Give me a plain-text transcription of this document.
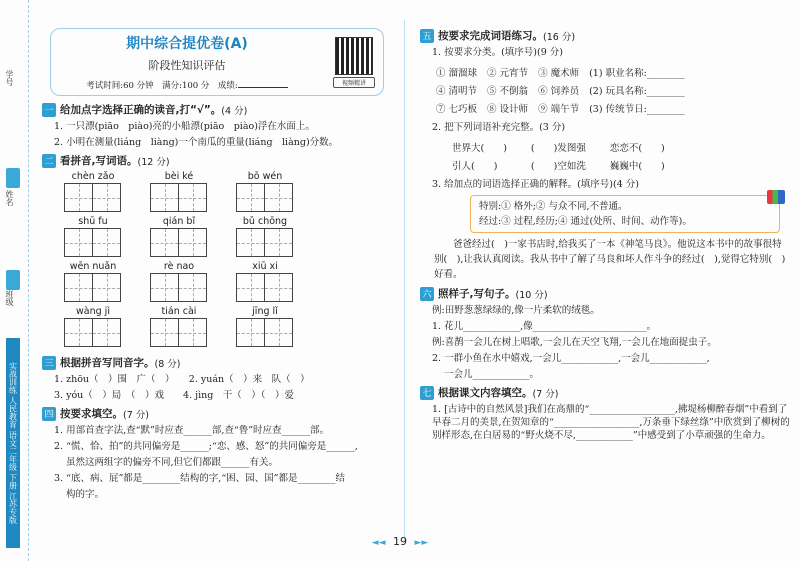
学号
姓名
班级
实战训练 人民教育 语文二年级 下册 江苏专版
期中综合提优卷(A)
阶段性知识评估
考试时间:60 分钟　满分:100 分　成绩:	视频精讲
一 给加点字选择正确的读音,打“√”。 (4 分)
1. 一只漂(piāo　piào)亮的小船漂(piāo　piào)浮在水面上。
2. 小明在测量(liáng　liàng)一个南瓜的重量(liáng　liàng)分数。
二 看拼音,写词语。 (12 分)
chèn zǎo	bèi ké	bō wén
shū fu	qián bǐ	bǔ chōng
wēn nuǎn	rè nao	xiū xi
wàng jì	tián cài	jīng lǐ
三 根据拼音写同音字。 (8 分)
1. zhōu（　）围　广（　）　　2. yuán（　）来　队（　）
3. yóu（　）局　（　）戏　　4. jìng　干（　）（　）爱
四 按要求填空。 (7 分)
1. 用部首查字法,查“默”时应查______部,查“鲁”时应查______部。
2. “慌、恰、拍”的共同偏旁是______;“恋、感、怒”的共同偏旁是______,
虽然这两组字的偏旁不同,但它们都跟______有关。
3. “底、病、屁”都是________结构的字,“困、园、国”都是________结
构的字。
五 按要求完成词语练习。 (16 分)
1. 按要求分类。(填序号)(9 分)
① 溜溜球	② 元宵节	③ 魔术师	(1) 职业名称:________
④ 清明节	⑤ 不倒翁	⑥ 饲养员	(2) 玩具名称:________
⑦ 七巧板	⑧ 设计师	⑨ 端午节	(3) 传统节日:________
2. 把下列词语补充完整。(3 分)
世界大(　　)	(　　)发图强	恋恋不(　　)
引人(　　)	(　　)空如洗	巍巍中(　　)
3. 给加点的词语选择正确的解释。(填序号)(4 分)
特别:① 格外;② 与众不同,不普通。
经过:③ 过程,经历;④ 通过(处所、时间、动作等)。
爸爸经过(　)一家书店时,给我买了一本《神笔马良》。他说这本书中的故事很特别(　),让我认真阅读。我从书中了解了马良和坏人作斗争的经过(　),觉得它特别(　)好看。
六 照样子,写句子。 (10 分)
例:田野葱葱绿绿的,像一片柔软的绒毯。
1. 花儿____________,像________________________。
例:喜鹊一会儿在树上唱歌,一会儿在天空飞翔,一会儿在地面捉虫子。
2. 一群小鱼在水中嬉戏,一会儿____________,一会儿____________,
一会儿____________。
七 根据课文内容填空。 (7 分)
1. [古诗中的自然风景]我们在高鼎的“__________________,拂堤杨柳醉春烟”中看到了早春二月的美景,在贺知章的“__________________,万条垂下绿丝绦”中欣赏到了柳树的别样形态,在白居易的“野火烧不尽,____________”中感受到了小草顽强的生命力。
◄◄ 19 ►►
